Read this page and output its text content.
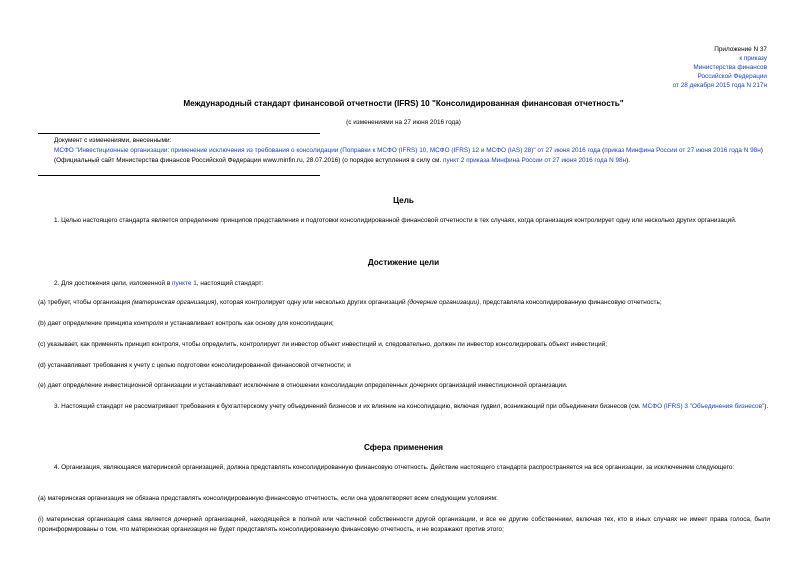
Приложение N 37
к приказу
Министерства финансов
Российской Федерации
от 28 декабря 2015 года N 217н
Международный стандарт финансовой отчетности (IFRS) 10 "Консолидированная финансовая отчетность"
(с изменениями на 27 июня 2016 года)
Документ с изменениями, внесенными:
МСФО "Инвестиционные организации: применение исключения из требования о консолидации (Поправки к МСФО (IFRS) 10, МСФО (IFRS) 12 и МСФО (IAS) 28)" от 27 июня 2016 года (приказ Минфина России от 27 июня 2016 года N 98н) (Официальный сайт Министерства финансов Российской Федерации www.minfin.ru, 28.07.2016) (о порядке вступления в силу см. пункт 2 приказа Минфина России от 27 июня 2016 года N 98н).
Цель
1. Целью настоящего стандарта является определение принципов представления и подготовки консолидированной финансовой отчетности в тех случаях, когда организация контролирует одну или несколько других организаций.
Достижение цели
2. Для достижения цели, изложенной в пункте 1, настоящий стандарт:
(a) требует, чтобы организация (материнская организация), которая контролирует одну или несколько других организаций (дочерние организации), представляла консолидированную финансовую отчетность;
(b) дает определение принципа контроля и устанавливает контроль как основу для консолидации;
(c) указывает, как применять принцип контроля, чтобы определить, контролирует ли инвестор объект инвестиций и, следовательно, должен ли инвестор консолидировать объект инвестиций;
(d) устанавливает требования к учету с целью подготовки консолидированной финансовой отчетности; и
(e) дает определение инвестиционной организации и устанавливает исключение в отношении консолидации определенных дочерних организаций инвестиционной организации.
3. Настоящий стандарт не рассматривает требования к бухгалтерскому учету объединений бизнесов и их влияние на консолидацию, включая гудвил, возникающий при объединении бизнесов (см. МСФО (IFRS) 3 "Объединения бизнесов").
Сфера применения
4. Организация, являющаяся материнской организацией, должна представлять консолидированную финансовую отчетность. Действие настоящего стандарта распространяется на все организации, за исключением следующего:
(a) материнская организация не обязана представлять консолидированную финансовую отчетность, если она удовлетворяет всем следующим условиям:
(i) материнская организация сама является дочерней организацией, находящейся в полной или частичной собственности другой организации, и все ее другие собственники, включая тех, кто в иных случаях не имеет права голоса, были проинформированы о том, что материнская организация не будет представлять консолидированную финансовую отчетность, и не возражают против этого;
